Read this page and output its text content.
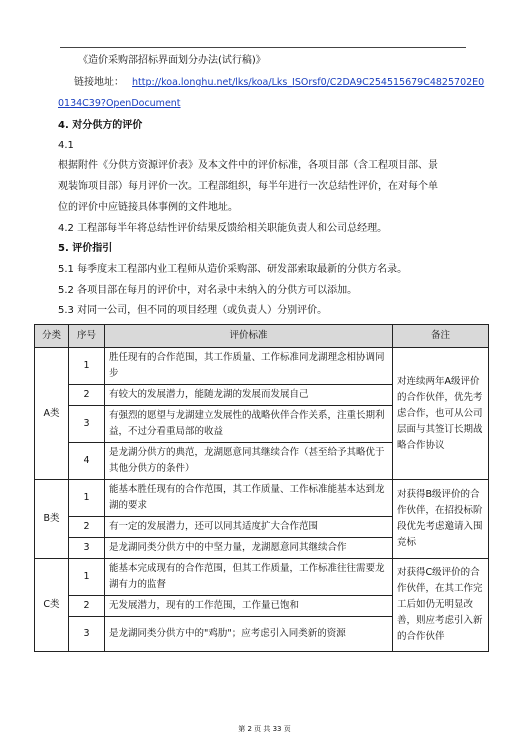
《造价采购部招标界面划分办法(试行稿)》
链接地址： http://koa.longhu.net/lks/koa/Lks_ISOrsf0/C2DA9C254515679C4825702E0
0134C39?OpenDocument
4. 对分供方的评价
4.1
根据附件《分供方资源评价表》及本文件中的评价标准，各项目部（含工程项目部、景
观装饰项目部）每月评价一次。工程部组织，每半年进行一次总结性评价，在对每个单
位的评价中应链接具体事例的文件地址。
4.2 工程部每半年将总结性评价结果反馈给相关职能负责人和公司总经理。
5. 评价指引
5.1 每季度末工程部内业工程师从造价采购部、研发部索取最新的分供方名录。
5.2 各项目部在每月的评价中，对名录中未纳入的分供方可以添加。
5.3 对同一公司，但不同的项目经理（或负责人）分别评价。
分类	序号	评价标准	备注
A类	1	胜任现有的合作范围，其工作质量、工作标准同龙湖理念相协调同步	对连续两年A级评价的合作伙伴，优先考虑合作，也可从公司层面与其签订长期战略合作协议
	2	有较大的发展潜力，能随龙湖的发展而发展自己	
	3	有强烈的愿望与龙湖建立发展性的战略伙伴合作关系，注重长期利益，不过分看重局部的收益	
	4	是龙湖分供方的典范，龙湖愿意同其继续合作（甚至给予其略优于其他分供方的条件）	
B类	1	能基本胜任现有的合作范围，其工作质量、工作标准能基本达到龙湖的要求	对获得B级评价的合作伙伴，在招投标阶段优先考虑邀请入围竞标
	2	有一定的发展潜力，还可以同其适度扩大合作范围	
	3	是龙湖同类分供方中的中坚力量，龙湖愿意同其继续合作	
C类	1	能基本完成现有的合作范围，但其工作质量，工作标准往往需要龙湖有力的监督	对获得C级评价的合作伙伴，在其工作完工后如仍无明显改善，则应考虑引入新的合作伙伴
	2	无发展潜力，现有的工作范围，工作量已饱和	
	3	是龙湖同类分供方中的"鸡肋"；应考虑引入同类新的资源	
第 2 页 共 33 页
